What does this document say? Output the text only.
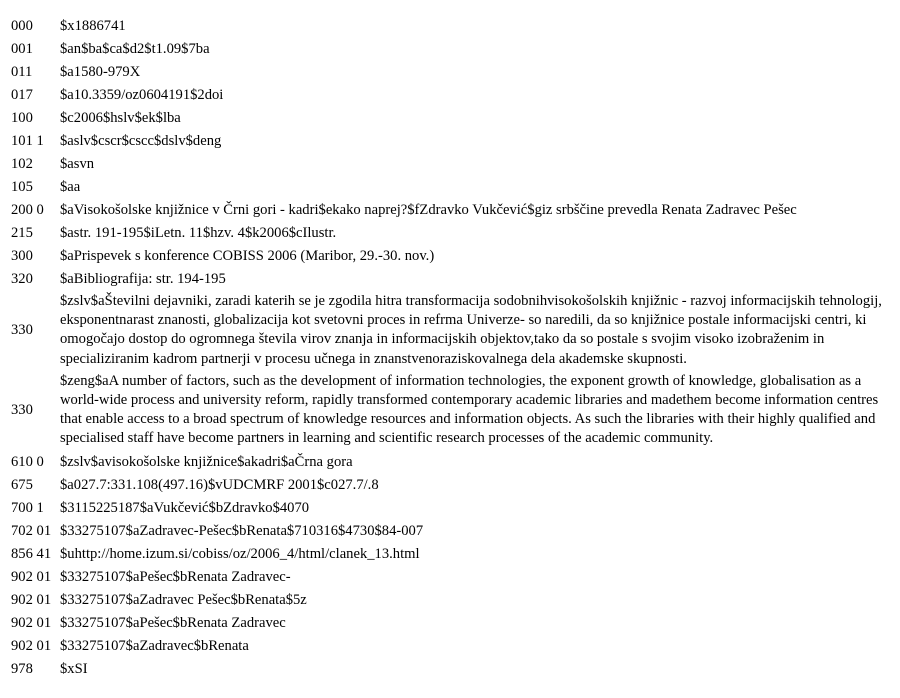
000	$x1886741
001	$an$ba$ca$d2$t1.09$7ba
011	$a1580-979X
017	$a10.3359/oz0604191$2doi
100	$c2006$hslv$ek$lba
101 1	$aslv$cscr$cscc$dslv$deng
102	$asvn
105	$aa
200 0	$aVisokošolske knjižnice v Črni gori - kadri$ekako naprej?$fZdravko Vukčević$giz srbščine prevedla Renata Zadravec Pešec
215	$astr. 191-195$iLetn. 11$hzv. 4$k2006$cIlustr.
300	$aPrispevek s konference COBISS 2006 (Maribor, 29.-30. nov.)
320	$aBibliografija: str. 194-195
330	$zslv$aŠtevilni dejavniki, zaradi katerih se je zgodila hitra transformacija sodobnihvisokošolskih knjižnic - razvoj informacijskih tehnologij, eksponentnarast znanosti, globalizacija kot svetovni proces in refrma Univerze- so naredili, da so knjižnice postale informacijski centri, ki omogočajo dostop do ogromnega števila virov znanja in informacijskih objektov,tako da so postale s svojim visoko izobraženim in specializiranim kadrom partnerji v procesu učnega in znanstvenoraziskovalnega dela akademske skupnosti.
330	$zeng$aA number of factors, such as the development of information technologies, the exponent growth of knowledge, globalisation as a world-wide process and university reform, rapidly transformed contemporary academic libraries and madethem become information centres that enable access to a broad spectrum of knowledge resources and information objects. As such the libraries with their highly qualified and specialised staff have become partners in learning and scientific research processes of the academic community.
610 0	$zslv$avisokošolske knjižnice$akadri$aČrna gora
675	$a027.7:331.108(497.16)$vUDCMRF 2001$c027.7/.8
700 1	$3115225187$aVukčević$bZdravko$4070
702 01	$33275107$aZadravec-Pešec$bRenata$710316$4730$84-007
856 41	$uhttp://home.izum.si/cobiss/oz/2006_4/html/clanek_13.html
902 01	$33275107$aPešec$bRenata Zadravec-
902 01	$33275107$aZadravec Pešec$bRenata$5z
902 01	$33275107$aPešec$bRenata Zadravec
902 01	$33275107$aZadravec$bRenata
978	$xSI
